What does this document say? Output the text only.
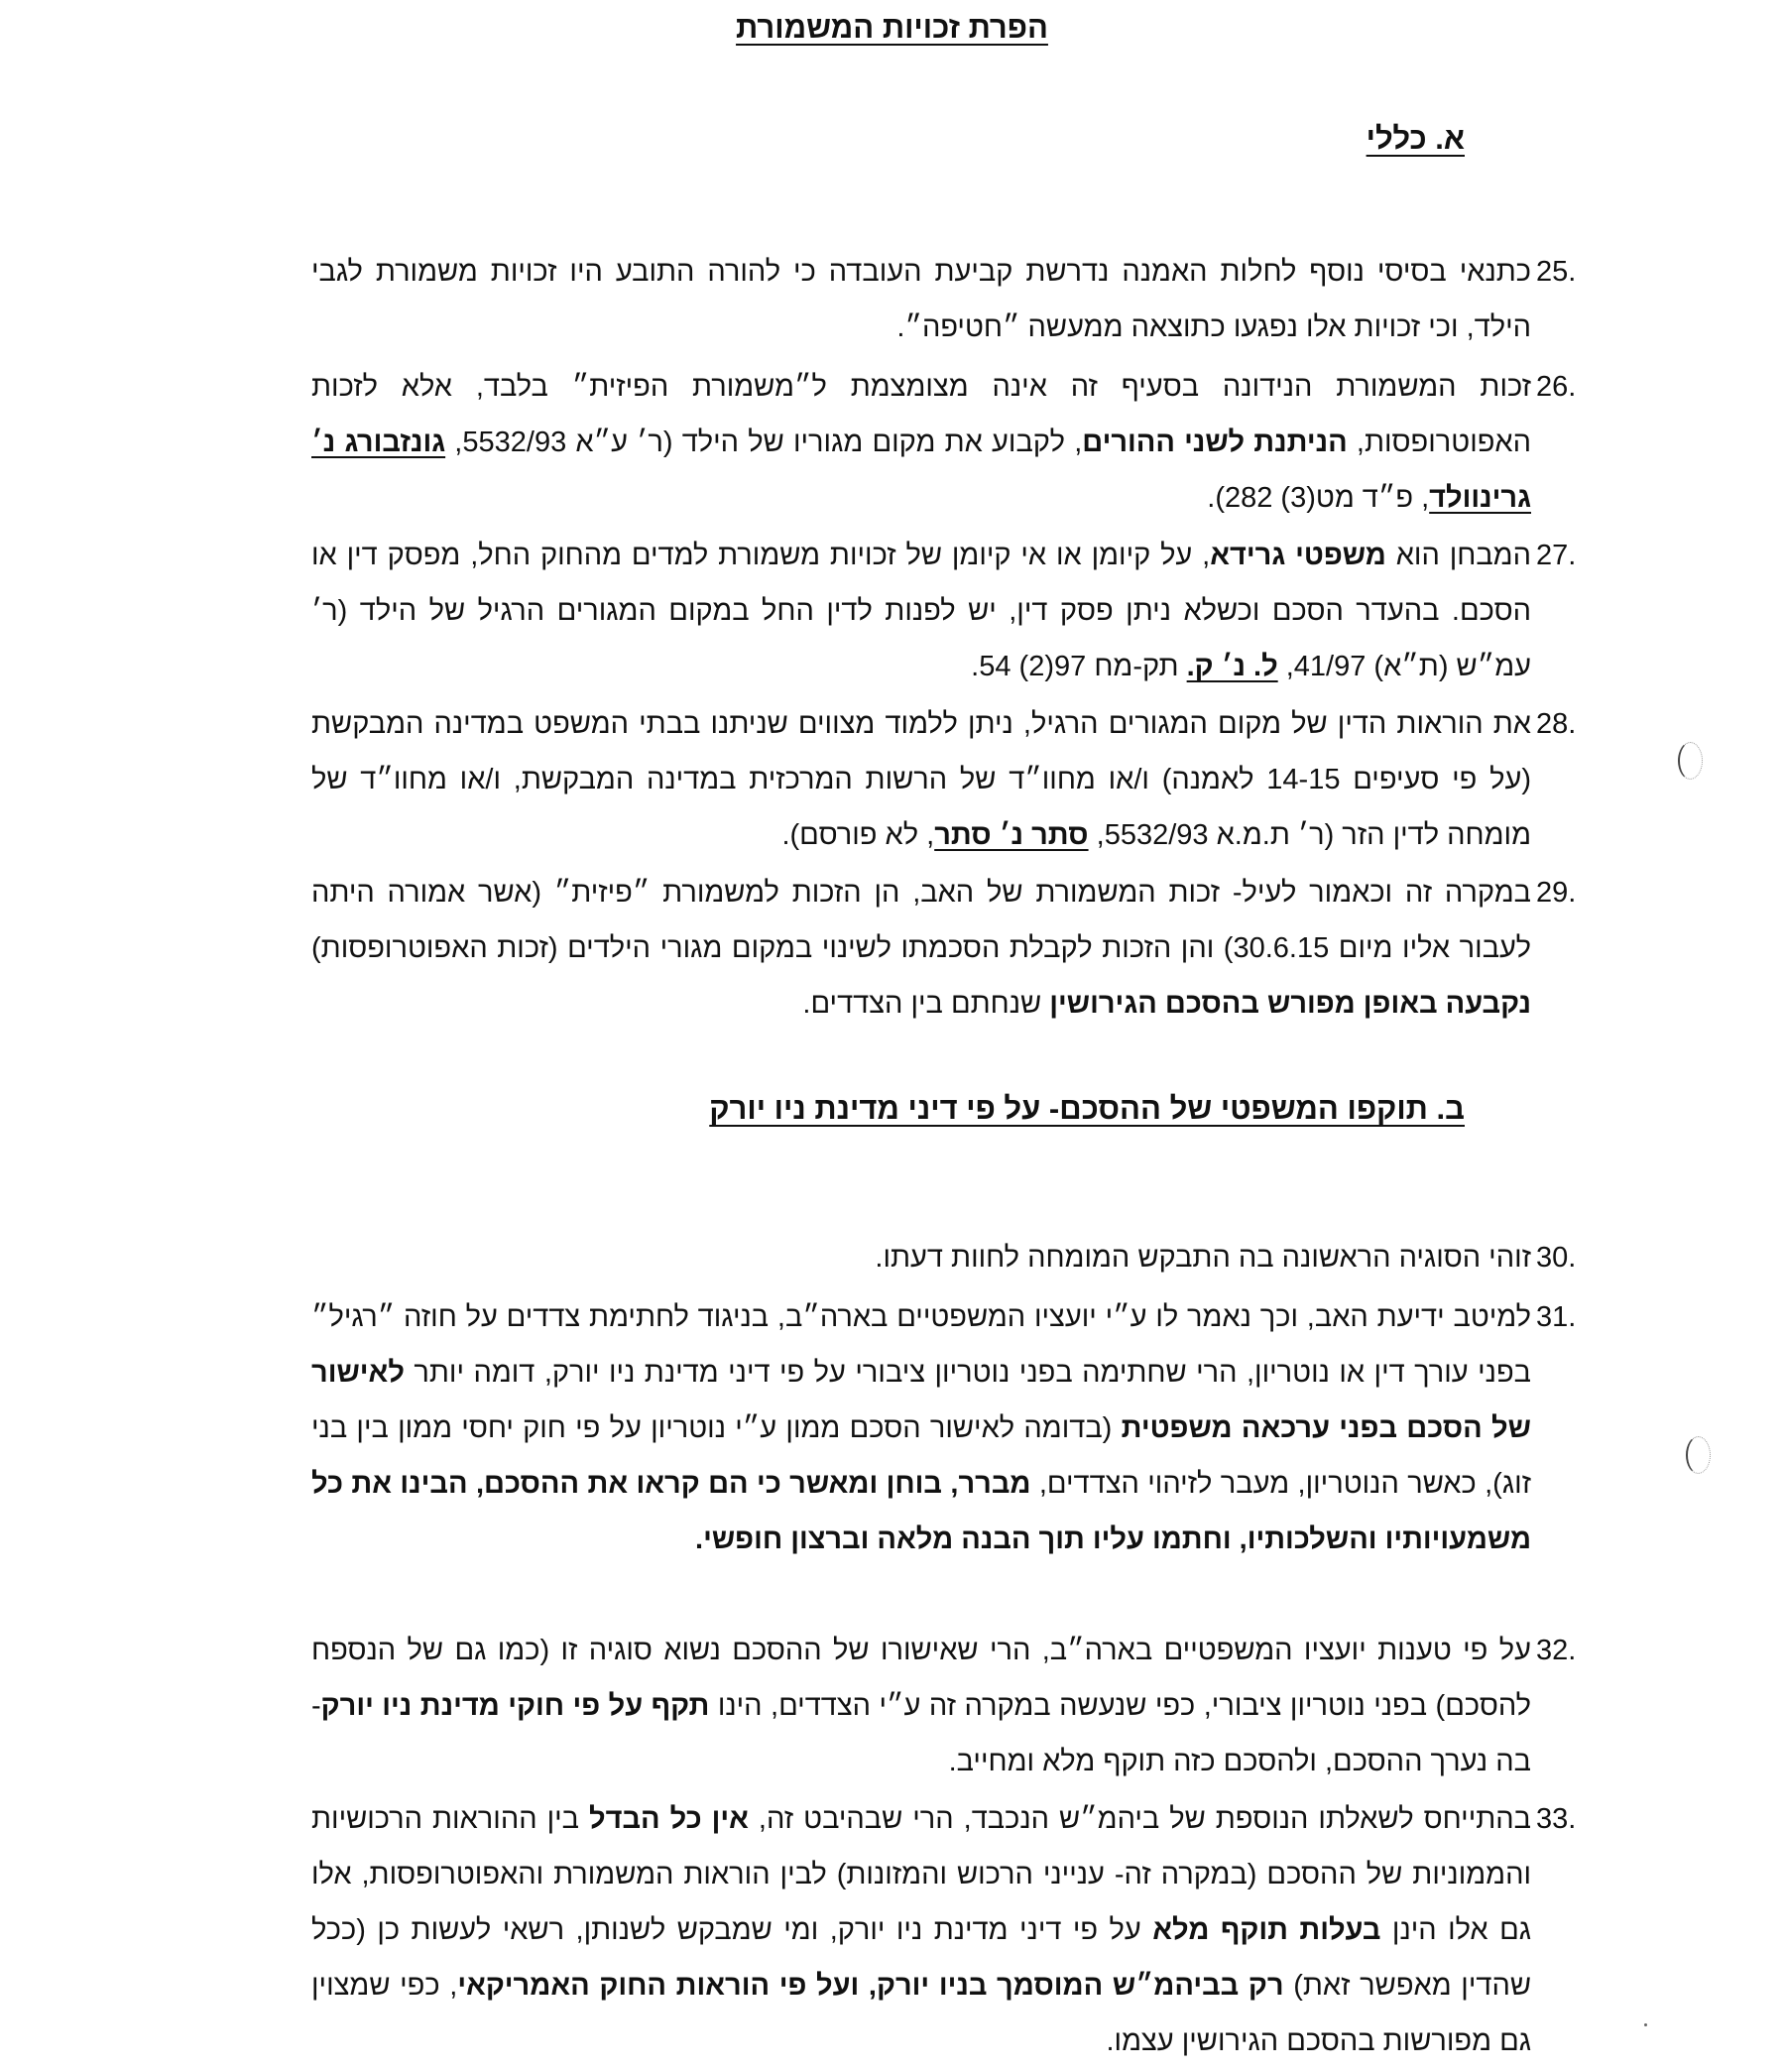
הפרת זכויות המשמורת
א. כללי
25.
כתנאי בסיסי נוסף לחלות האמנה נדרשת קביעת העובדה כי להורה התובע היו זכויות משמורת לגבי הילד, וכי זכויות אלו נפגעו כתוצאה ממעשה ״חטיפה״.
26.
זכות המשמורת הנידונה בסעיף זה אינה מצומצמת ל״משמורת הפיזית״ בלבד, אלא לזכות האפוטרופסות, הניתנת לשני ההורים, לקבוע את מקום מגוריו של הילד (ר׳ ע״א 5532/93, גונזבורג נ׳ גרינוולד, פ״ד מט(3) 282).
27.
המבחן הוא משפטי גרידא, על קיומן או אי קיומן של זכויות משמורת למדים מהחוק החל, מפסק דין או הסכם. בהעדר הסכם וכשלא ניתן פסק דין, יש לפנות לדין החל במקום המגורים הרגיל של הילד (ר׳ עמ״ש (ת״א) 41/97, ל. נ׳ ק. תק-מח 97(2) 54.
28.
את הוראות הדין של מקום המגורים הרגיל, ניתן ללמוד מצווים שניתנו בבתי המשפט במדינה המבקשת (על פי סעיפים 14-15 לאמנה) ו/או מחוו״ד של הרשות המרכזית במדינה המבקשת, ו/או מחוו״ד של מומחה לדין הזר (ר׳ ת.מ.א 5532/93, סתר נ׳ סתר, לא פורסם).
29.
במקרה זה וכאמור לעיל- זכות המשמורת של האב, הן הזכות למשמורת ״פיזית״ (אשר אמורה היתה לעבור אליו מיום 30.6.15) והן הזכות לקבלת הסכמתו לשינוי במקום מגורי הילדים (זכות האפוטרופסות) נקבעה באופן מפורש בהסכם הגירושין שנחתם בין הצדדים.
ב. תוקפו המשפטי של ההסכם- על פי דיני מדינת ניו יורק
30.
זוהי הסוגיה הראשונה בה התבקש המומחה לחוות דעתו.
31.
למיטב ידיעת האב, וכך נאמר לו ע״י יועציו המשפטיים בארה״ב, בניגוד לחתימת צדדים על חוזה ״רגיל״ בפני עורך דין או נוטריון, הרי שחתימה בפני נוטריון ציבורי על פי דיני מדינת ניו יורק, דומה יותר לאישור של הסכם בפני ערכאה משפטית (בדומה לאישור הסכם ממון ע״י נוטריון על פי חוק יחסי ממון בין בני זוג), כאשר הנוטריון, מעבר לזיהוי הצדדים, מברר, בוחן ומאשר כי הם קראו את ההסכם, הבינו את כל משמעויותיו והשלכותיו, וחתמו עליו תוך הבנה מלאה וברצון חופשי.
32.
על פי טענות יועציו המשפטיים בארה״ב, הרי שאישורו של ההסכם נשוא סוגיה זו (כמו גם של הנספח להסכם) בפני נוטריון ציבורי, כפי שנעשה במקרה זה ע״י הצדדים, הינו תקף על פי חוקי מדינת ניו יורק- בה נערך ההסכם, ולהסכם כזה תוקף מלא ומחייב.
33.
בהתייחס לשאלתו הנוספת של ביהמ״ש הנכבד, הרי שבהיבט זה, אין כל הבדל בין ההוראות הרכושיות והממוניות של ההסכם (במקרה זה- ענייני הרכוש והמזונות) לבין הוראות המשמורת והאפוטרופסות, אלו גם אלו הינן בעלות תוקף מלא על פי דיני מדינת ניו יורק, ומי שמבקש לשנותן, רשאי לעשות כן (ככל שהדין מאפשר זאת) רק בביהמ״ש המוסמך בניו יורק, ועל פי הוראות החוק האמריקאי, כפי שמצוין גם מפורשות בהסכם הגירושין עצמו.
